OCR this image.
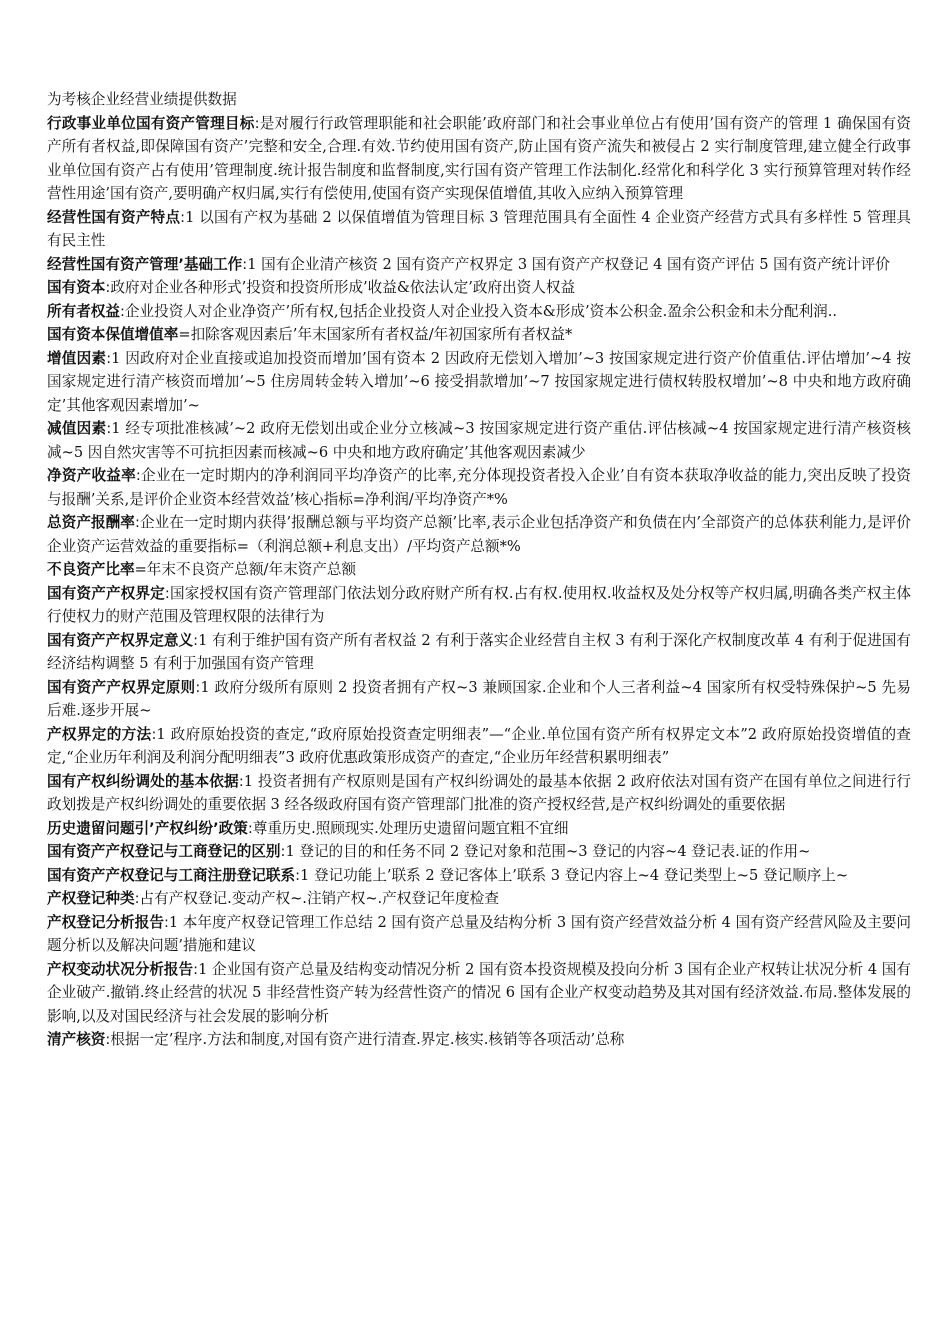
为考核企业经营业绩提供数据

行政事业单位国有资产管理目标:是对履行行政管理职能和社会职能’政府部门和社会事业单位占有使用’国有资产的管理 1 确保国有资产所有者权益,即保障国有资产’完整和安全,合理.有效.节约使用国有资产,防止国有资产流失和被侵占 2 实行制度管理,建立健全行政事业单位国有资产占有使用’管理制度.统计报告制度和监督制度,实行国有资产管理工作法制化.经常化和科学化 3 实行预算管理对转作经营性用途’国有资产,要明确产权归属,实行有偿使用,使国有资产实现保值增值,其收入应纳入预算管理

经营性国有资产特点:1 以国有产权为基础 2 以保值增值为管理目标 3 管理范围具有全面性 4 企业资产经营方式具有多样性 5 管理具有民主性

经营性国有资产管理’基础工作:1 国有企业清产核资 2 国有资产产权界定 3 国有资产产权登记 4 国有资产评估 5 国有资产统计评价

国有资本:政府对企业各种形式’投资和投资所形成’收益&依法认定’政府出资人权益

所有者权益:企业投资人对企业净资产’所有权,包括企业投资人对企业投入资本&形成’资本公积金.盈余公积金和未分配利润..

国有资本保值增值率=扣除客观因素后’年末国家所有者权益/年初国家所有者权益*

增值因素:1 因政府对企业直接或追加投资而增加’国有资本 2 因政府无偿划入增加’~3 按国家规定进行资产价值重估.评估增加’~4 按国家规定进行清产核资而增加’~5 住房周转金转入增加’~6 接受捐款增加’~7 按国家规定进行债权转股权增加’~8 中央和地方政府确定’其他客观因素增加’~

减值因素:1 经专项批准核减’~2 政府无偿划出或企业分立核减~3 按国家规定进行资产重估.评估核减~4 按国家规定进行清产核资核减~5 因自然灾害等不可抗拒因素而核减~6 中央和地方政府确定’其他客观因素减少

净资产收益率:企业在一定时期内的净利润同平均净资产的比率,充分体现投资者投入企业’自有资本获取净收益的能力,突出反映了投资与报酬’关系,是评价企业资本经营效益’核心指标=净利润/平均净资产*%

总资产报酬率:企业在一定时期内获得’报酬总额与平均资产总额’比率,表示企业包括净资产和负债在内’全部资产的总体获利能力,是评价企业资产运营效益的重要指标=（利润总额+利息支出）/平均资产总额*%

不良资产比率=年末不良资产总额/年末资产总额

国有资产产权界定:国家授权国有资产管理部门依法划分政府财产所有权.占有权.使用权.收益权及处分权等产权归属,明确各类产权主体行使权力的财产范围及管理权限的法律行为

国有资产产权界定意义:1 有利于维护国有资产所有者权益 2 有利于落实企业经营自主权 3 有利于深化产权制度改革 4 有利于促进国有经济结构调整 5 有利于加强国有资产管理

国有资产产权界定原则:1 政府分级所有原则 2 投资者拥有产权~3 兼顾国家.企业和个人三者利益~4 国家所有权受特殊保护~5 先易后难.逐步开展~

产权界定的方法:1 政府原始投资的查定,“政府原始投资查定明细表”—“企业.单位国有资产所有权界定文本”2 政府原始投资增值的查定,“企业历年利润及利润分配明细表”3 政府优惠政策形成资产的查定,“企业历年经营积累明细表”

国有产权纠纷调处的基本依据:1 投资者拥有产权原则是国有产权纠纷调处的最基本依据 2 政府依法对国有资产在国有单位之间进行行政划拨是产权纠纷调处的重要依据 3 经各级政府国有资产管理部门批准的资产授权经营,是产权纠纷调处的重要依据

历史遗留问题引’产权纠纷’政策:尊重历史.照顾现实.处理历史遗留问题宜粗不宜细

国有资产产权登记与工商登记的区别:1 登记的目的和任务不同 2 登记对象和范围~3 登记的内容~4 登记表.证的作用~

国有资产产权登记与工商注册登记联系:1 登记功能上’联系 2 登记客体上’联系 3 登记内容上~4 登记类型上~5 登记顺序上~

产权登记种类:占有产权登记.变动产权~.注销产权~.产权登记年度检查

产权登记分析报告:1 本年度产权登记管理工作总结 2 国有资产总量及结构分析 3 国有资产经营效益分析 4 国有资产经营风险及主要问题分析以及解决问题’措施和建议

产权变动状况分析报告:1 企业国有资产总量及结构变动情况分析 2 国有资本投资规模及投向分析 3 国有企业产权转让状况分析 4 国有企业破产.撤销.终止经营的状况 5 非经营性资产转为经营性资产的情况 6 国有企业产权变动趋势及其对国有经济效益.布局.整体发展的影响,以及对国民经济与社会发展的影响分析

清产核资:根据一定’程序.方法和制度,对国有资产进行清查.界定.核实.核销等各项活动’总称
